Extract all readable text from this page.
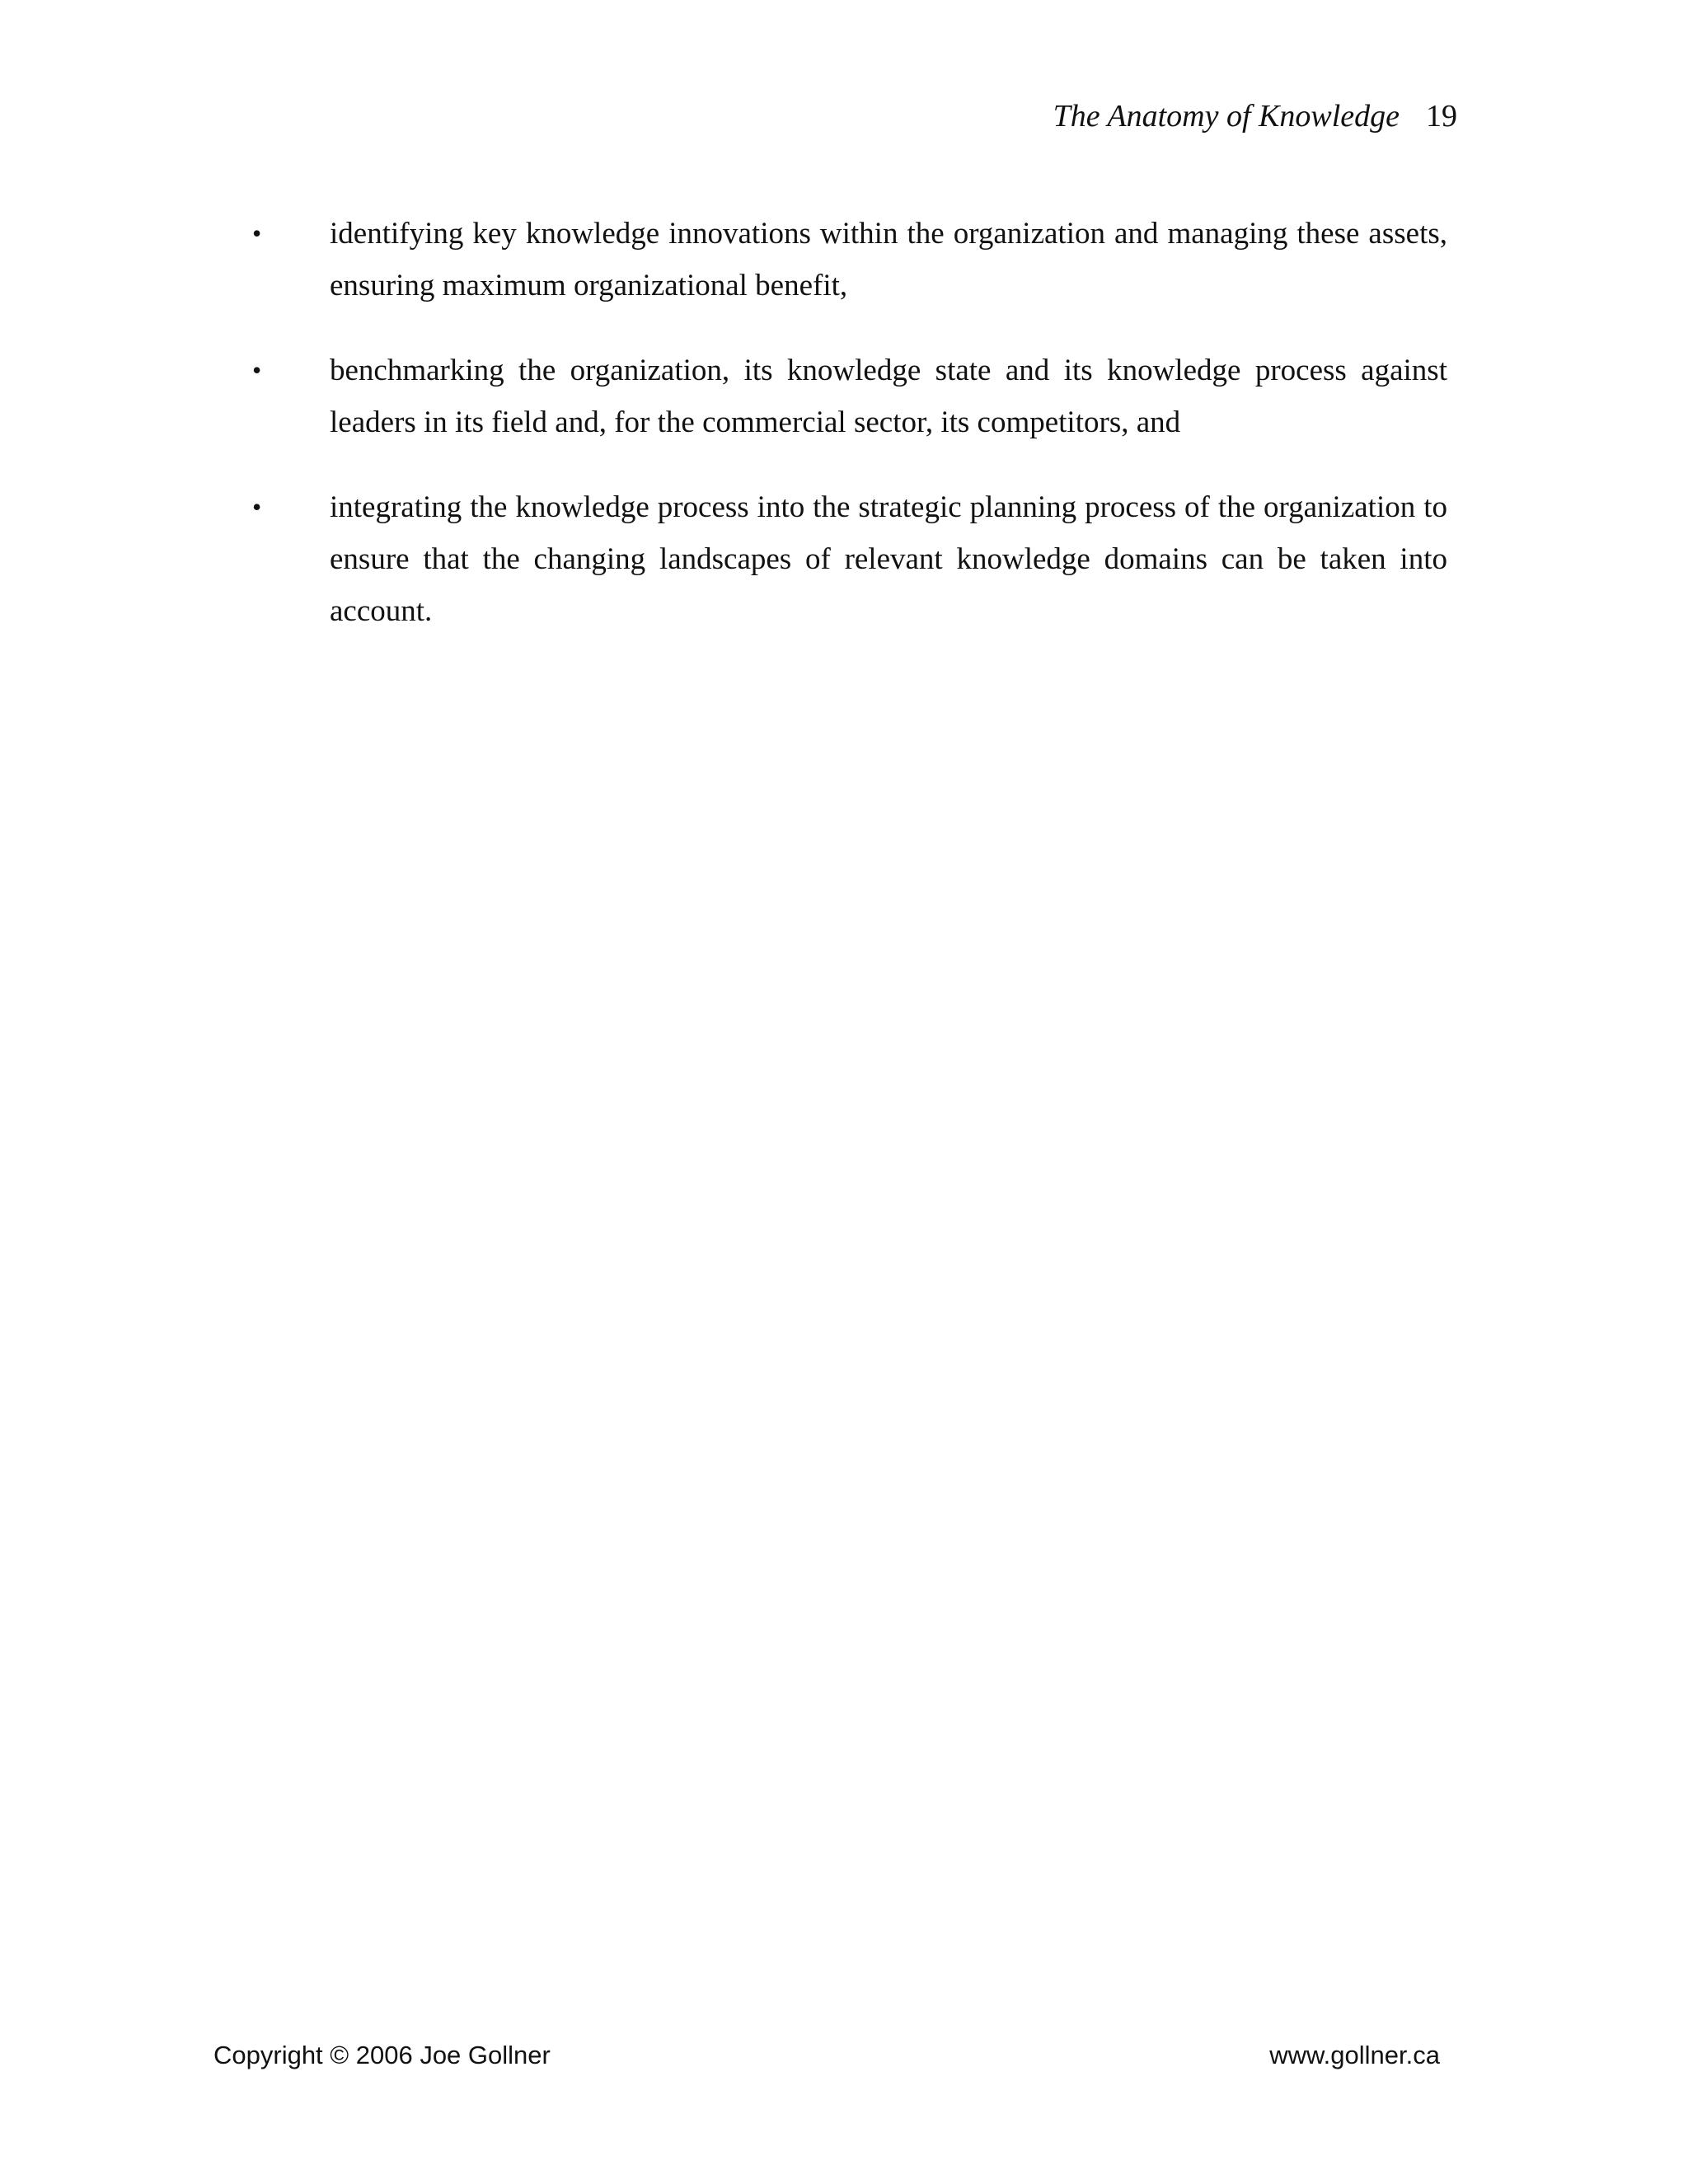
The Anatomy of Knowledge 19
• identifying key knowledge innovations within the organization and managing these assets, ensuring maximum organizational benefit,
• benchmarking the organization, its knowledge state and its knowledge process against leaders in its field and, for the commercial sector, its competitors, and
• integrating the knowledge process into the strategic planning process of the organization to ensure that the changing landscapes of relevant knowledge domains can be taken into account.
Copyright © 2006 Joe Gollner	www.gollner.ca
